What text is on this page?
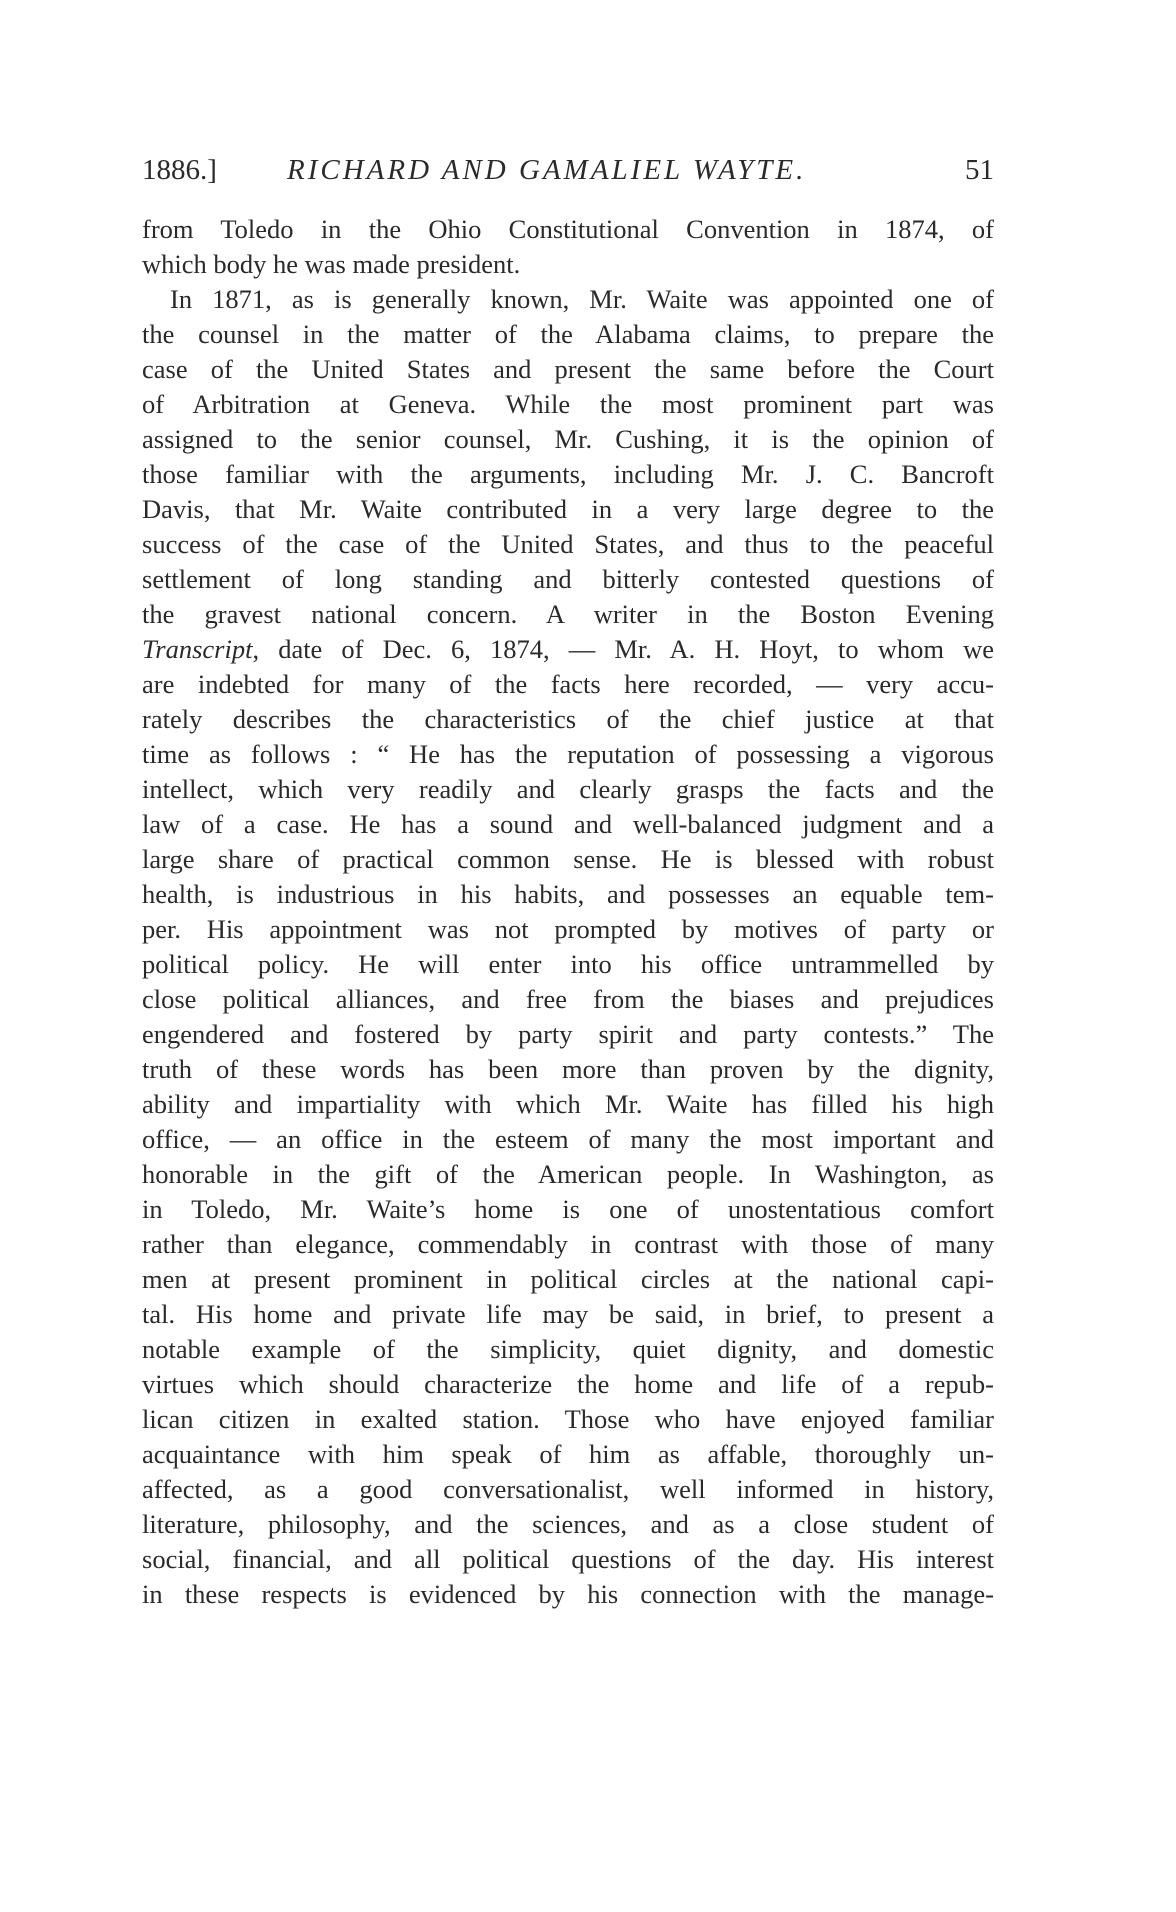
1886.] RICHARD AND GAMALIEL WAYTE.	51
from Toledo in the Ohio Constitutional Convention in 1874, of
which body he was made president.
In 1871, as is generally known, Mr. Waite was appointed one of
the counsel in the matter of the Alabama claims, to prepare the
case of the United States and present the same before the Court
of Arbitration at Geneva. While the most prominent part was
assigned to the senior counsel, Mr. Cushing, it is the opinion of
those familiar with the arguments, including Mr. J. C. Bancroft
Davis, that Mr. Waite contributed in a very large degree to the
success of the case of the United States, and thus to the peaceful
settlement of long standing and bitterly contested questions of
the gravest national concern. A writer in the Boston Evening
Transcript, date of Dec. 6, 1874, — Mr. A. H. Hoyt, to whom we
are indebted for many of the facts here recorded, — very accu-
rately describes the characteristics of the chief justice at that
time as follows : “ He has the reputation of possessing a vigorous
intellect, which very readily and clearly grasps the facts and the
law of a case. He has a sound and well-balanced judgment and a
large share of practical common sense. He is blessed with robust
health, is industrious in his habits, and possesses an equable tem-
per. His appointment was not prompted by motives of party or
political policy. He will enter into his office untrammelled by
close political alliances, and free from the biases and prejudices
engendered and fostered by party spirit and party contests.” The
truth of these words has been more than proven by the dignity,
ability and impartiality with which Mr. Waite has filled his high
office, — an office in the esteem of many the most important and
honorable in the gift of the American people. In Washington, as
in Toledo, Mr. Waite’s home is one of unostentatious comfort
rather than elegance, commendably in contrast with those of many
men at present prominent in political circles at the national capi-
tal. His home and private life may be said, in brief, to present a
notable example of the simplicity, quiet dignity, and domestic
virtues which should characterize the home and life of a repub-
lican citizen in exalted station. Those who have enjoyed familiar
acquaintance with him speak of him as affable, thoroughly un-
affected, as a good conversationalist, well informed in history,
literature, philosophy, and the sciences, and as a close student of
social, financial, and all political questions of the day. His interest
in these respects is evidenced by his connection with the manage-
